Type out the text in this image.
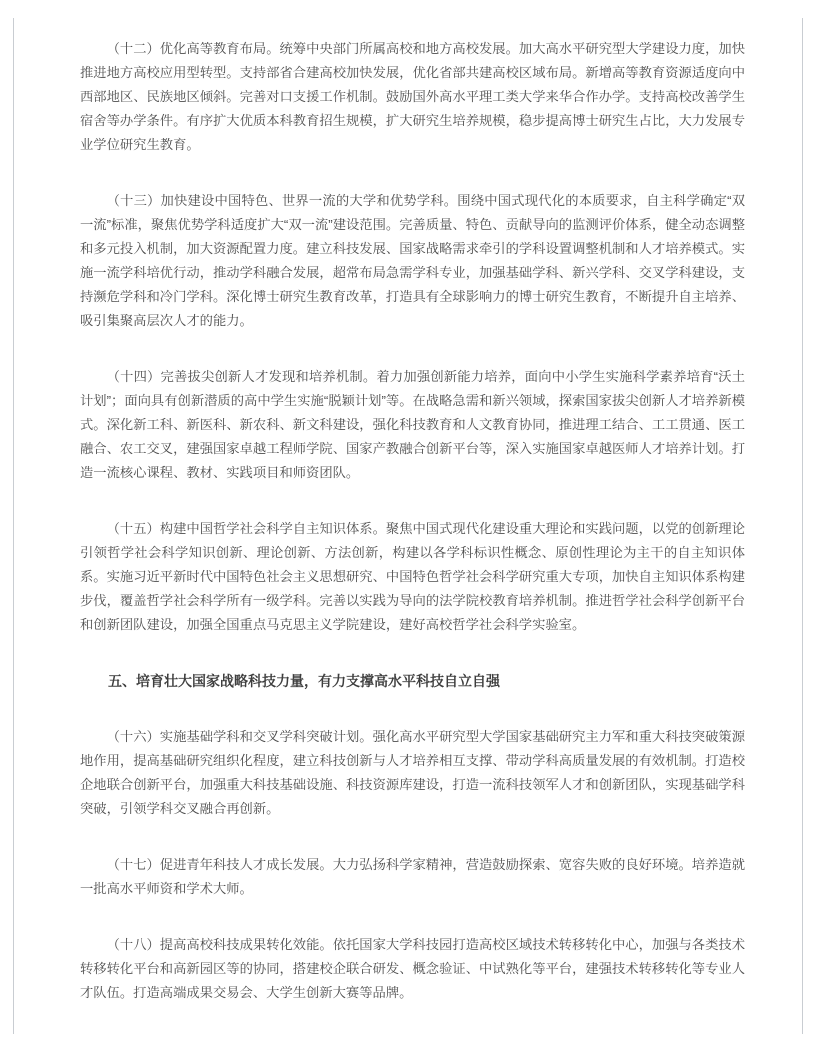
（十二）优化高等教育布局。统筹中央部门所属高校和地方高校发展。加大高水平研究型大学建设力度，加快推进地方高校应用型转型。支持部省合建高校加快发展，优化省部共建高校区域布局。新增高等教育资源适度向中西部地区、民族地区倾斜。完善对口支援工作机制。鼓励国外高水平理工类大学来华合作办学。支持高校改善学生宿舍等办学条件。有序扩大优质本科教育招生规模，扩大研究生培养规模，稳步提高博士研究生占比，大力发展专业学位研究生教育。

（十三）加快建设中国特色、世界一流的大学和优势学科。围绕中国式现代化的本质要求，自主科学确定“双一流”标准，聚焦优势学科适度扩大“双一流”建设范围。完善质量、特色、贡献导向的监测评价体系，健全动态调整和多元投入机制，加大资源配置力度。建立科技发展、国家战略需求牵引的学科设置调整机制和人才培养模式。实施一流学科培优行动，推动学科融合发展，超常布局急需学科专业，加强基础学科、新兴学科、交叉学科建设，支持濒危学科和冷门学科。深化博士研究生教育改革，打造具有全球影响力的博士研究生教育，不断提升自主培养、吸引集聚高层次人才的能力。

（十四）完善拔尖创新人才发现和培养机制。着力加强创新能力培养，面向中小学生实施科学素养培育“沃土计划”；面向具有创新潜质的高中学生实施“脱颖计划”等。在战略急需和新兴领域，探索国家拔尖创新人才培养新模式。深化新工科、新医科、新农科、新文科建设，强化科技教育和人文教育协同，推进理工结合、工工贯通、医工融合、农工交叉，建强国家卓越工程师学院、国家产教融合创新平台等，深入实施国家卓越医师人才培养计划。打造一流核心课程、教材、实践项目和师资团队。

（十五）构建中国哲学社会科学自主知识体系。聚焦中国式现代化建设重大理论和实践问题，以党的创新理论引领哲学社会科学知识创新、理论创新、方法创新，构建以各学科标识性概念、原创性理论为主干的自主知识体系。实施习近平新时代中国特色社会主义思想研究、中国特色哲学社会科学研究重大专项，加快自主知识体系构建步伐，覆盖哲学社会科学所有一级学科。完善以实践为导向的法学院校教育培养机制。推进哲学社会科学创新平台和创新团队建设，加强全国重点马克思主义学院建设，建好高校哲学社会科学实验室。

五、培育壮大国家战略科技力量，有力支撑高水平科技自立自强

（十六）实施基础学科和交叉学科突破计划。强化高水平研究型大学国家基础研究主力军和重大科技突破策源地作用，提高基础研究组织化程度，建立科技创新与人才培养相互支撑、带动学科高质量发展的有效机制。打造校企地联合创新平台，加强重大科技基础设施、科技资源库建设，打造一流科技领军人才和创新团队，实现基础学科突破，引领学科交叉融合再创新。

（十七）促进青年科技人才成长发展。大力弘扬科学家精神，营造鼓励探索、宽容失败的良好环境。培养造就一批高水平师资和学术大师。

（十八）提高高校科技成果转化效能。依托国家大学科技园打造高校区域技术转移转化中心，加强与各类技术转移转化平台和高新园区等的协同，搭建校企联合研发、概念验证、中试熟化等平台，建强技术转移转化等专业人才队伍。打造高端成果交易会、大学生创新大赛等品牌。
